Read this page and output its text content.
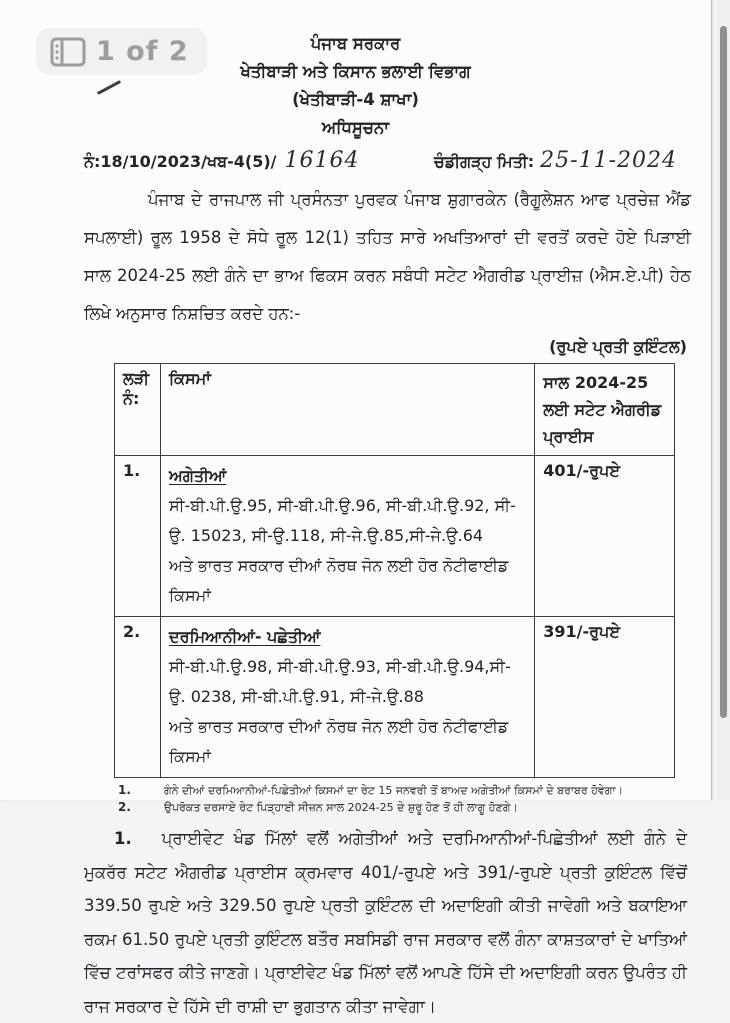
ਪੰਜਾਬ ਸਰਕਾਰ
ਖੇਤੀਬਾੜੀ ਅਤੇ ਕਿਸਾਨ ਭਲਾਈ ਵਿਭਾਗ
(ਖੇਤੀਬਾੜੀ-4 ਸ਼ਾਖਾ)
ਅਧਿਸੂਚਨਾ
ਨੰ:18/10/2023/ਖਬ-4(5)/ 16164	ਚੰਡੀਗੜ੍ਹ ਮਿਤੀ: 25-11-2024
ਪੰਜਾਬ ਦੇ ਰਾਜਪਾਲ ਜੀ ਪ੍ਰਸੰਨਤਾ ਪੁਰਵਕ ਪੰਜਾਬ ਸ਼ੁਗਾਰਕੇਨ (ਰੈਗੂਲੇਸ਼ਨ ਆਫ ਪ੍ਰਚੇਜ਼ ਐਂਡ ਸਪਲਾਈ) ਰੂਲ 1958 ਦੇ ਸੋਧੇ ਰੂਲ 12(1) ਤਹਿਤ ਸਾਰੇ ਅਖਤਿਆਰਾਂ ਦੀ ਵਰਤੋਂ ਕਰਦੇ ਹੋਏ ਪਿੜਾਈ ਸਾਲ 2024-25 ਲਈ ਗੰਨੇ ਦਾ ਭਾਅ ਫਿਕਸ ਕਰਨ ਸਬੰਧੀ ਸਟੇਟ ਐਗਰੀਡ ਪ੍ਰਾਈਜ਼ (ਐਸ.ਏ.ਪੀ) ਹੇਠ ਲਿਖੇ ਅਨੁਸਾਰ ਨਿਸ਼ਚਿਤ ਕਰਦੇ ਹਨ:-
(ਰੁਪਏ ਪ੍ਰਤੀ ਕੁਇੰਟਲ)
ਲੜੀ ਨੰ:	ਕਿਸਮਾਂ	ਸਾਲ 2024-25 ਲਈ ਸਟੇਟ ਐਗਰੀਡ ਪ੍ਰਾਈਸ
1.	ਅਗੇਤੀਆਂ
ਸੀ-ਬੀ.ਪੀ.ਉ.95, ਸੀ-ਬੀ.ਪੀ.ਉ.96, ਸੀ-ਬੀ.ਪੀ.ਉ.92, ਸੀ-ਉ. 15023, ਸੀ-ਉ.118, ਸੀ-ਜੇ.ਉ.85,ਸੀ-ਜੇ.ਉ.64
ਅਤੇ ਭਾਰਤ ਸਰਕਾਰ ਦੀਆਂ ਨੋਰਥ ਜੋਨ ਲਈ ਹੋਰ ਨੋਟੀਫਾਈਡ ਕਿਸਮਾਂ	401/-ਰੁਪਏ
2.	ਦਰਮਿਆਨੀਆਂ- ਪਛੇਤੀਆਂ
ਸੀ-ਬੀ.ਪੀ.ਉ.98, ਸੀ-ਬੀ.ਪੀ.ਉ.93, ਸੀ-ਬੀ.ਪੀ.ਉ.94,ਸੀ-ਉ. 0238, ਸੀ-ਬੀ.ਪੀ.ਉ.91, ਸੀ-ਜੇ.ਉ.88
ਅਤੇ ਭਾਰਤ ਸਰਕਾਰ ਦੀਆਂ ਨੋਰਥ ਜੋਨ ਲਈ ਹੋਰ ਨੋਟੀਫਾਈਡ ਕਿਸਮਾਂ	391/-ਰੁਪਏ
1.	ਗੰਨੇ ਦੀਆਂ ਦਰਮਿਆਨੀਆਂ-ਪਿਛੇਤੀਆਂ ਕਿਸਮਾਂ ਦਾ ਰੇਟ 15 ਜਨਵਰੀ ਤੋਂ ਬਾਅਦ ਅਗੇਤੀਆਂ ਕਿਸਮਾਂ ਦੇ ਬਰਾਬਰ ਹੋਵੇਗਾ।
2.	ਉਪਰੋਕਤ ਦਰਸਾਏ ਰੇਟ ਪਿੜ੍ਹਾਈ ਸੀਜ਼ਨ ਸਾਲ 2024-25 ਦੇ ਸ਼ੁਰੂ ਹੋਣ ਤੋਂ ਹੀ ਲਾਗੂ ਹੋਣਗੇ।
1. ਪ੍ਰਾਈਵੇਟ ਖੰਡ ਮਿੱਲਾਂ ਵਲੋਂ ਅਗੇਤੀਆਂ ਅਤੇ ਦਰਮਿਆਨੀਆਂ-ਪਿਛੇਤੀਆਂ ਲਈ ਗੰਨੇ ਦੇ ਮੁਕਰੱਰ ਸਟੇਟ ਐਗਰੀਡ ਪ੍ਰਾਈਸ ਕ੍ਰਮਵਾਰ 401/-ਰੁਪਏ ਅਤੇ 391/-ਰੁਪਏ ਪ੍ਰਤੀ ਕੁਇੰਟਲ ਵਿੱਚੋਂ 339.50 ਰੁਪਏ ਅਤੇ 329.50 ਰੁਪਏ ਪ੍ਰਤੀ ਕੁਇੰਟਲ ਦੀ ਅਦਾਇਗੀ ਕੀਤੀ ਜਾਵੇਗੀ ਅਤੇ ਬਕਾਇਆ ਰਕਮ 61.50 ਰੁਪਏ ਪ੍ਰਤੀ ਕੁਇੰਟਲ ਬਤੌਰ ਸਬਸਿਡੀ ਰਾਜ ਸਰਕਾਰ ਵਲੋਂ ਗੰਨਾ ਕਾਸ਼ਤਕਾਰਾਂ ਦੇ ਖਾਤਿਆਂ ਵਿੱਚ ਟਰਾਂਸਫਰ ਕੀਤੇ ਜਾਣਗੇ। ਪ੍ਰਾਈਵੇਟ ਖੰਡ ਮਿੱਲਾਂ ਵਲੋਂ ਆਪਣੇ ਹਿੱਸੇ ਦੀ ਅਦਾਇਗੀ ਕਰਨ ਉਪਰੰਤ ਹੀ ਰਾਜ ਸਰਕਾਰ ਦੇ ਹਿੱਸੇ ਦੀ ਰਾਸ਼ੀ ਦਾ ਭੁਗਤਾਨ ਕੀਤਾ ਜਾਵੇਗਾ।
1 of 2
